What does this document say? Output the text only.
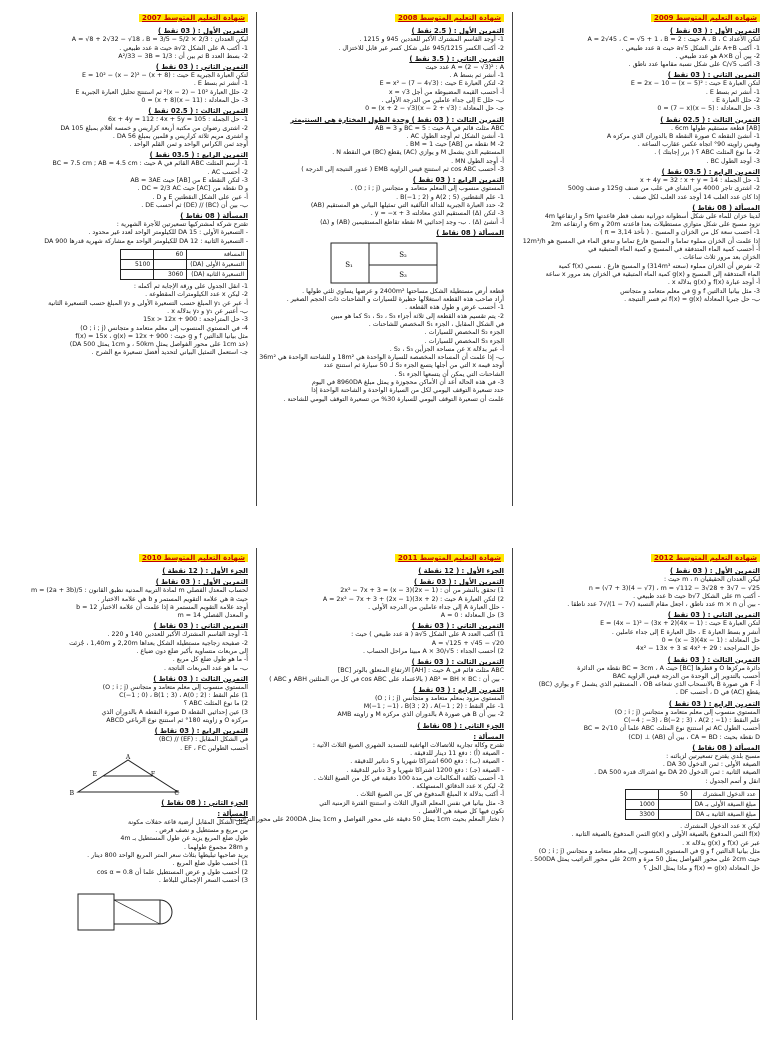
شهادة التعليم المتوسط 2009
التمرين الأول : ( 03 نقط )
لتكن الأعداد A ، B ، C حيث : A = 2√45 ، C = √5 + 1 ، B = 2
1- أكتب A+B على الشكل a√5 حيث a عدد طبيعي .
2- بين أن A×B هو عدد طبيعي .
3- أكتب C/√5 على شكل نسبة مقامها عدد ناطق .
التمرين الثاني : ( 03 نقط )
لتكن العبارة E حيث : E = 2x − 10 − (x − 5)²
1- أنشر ثم بسط E .
2- حلل العبارة E .
3- حل المعادلة : (x − 5)(7 − x) = 0
التمرين الثالث : ( 02.5 نقط )
[AB] قطعة مستقيم طولها 6cm .
1- أنشئ النقطة C صورة النقطة B بالدوران الذي مركزه A
وقيس زاويته 90° اتجاه عكس عقارب الساعة .
2- ما نوع المثلث ABC ؟ ( برر إجابتك ) .
3- أوجد الطول BC .
التمرين الرابع : ( 03.5 نقط )
1- حل الجملة : x + y = 14 ؛ x + 4y = 32
2- اشترى تاجر 4000 من الشاي في علب من صنف 125g و صنف 500g
إذا كان عدد العلب 14 أوجد عدد العلب لكل صنف .
المسألة ( 08 نقاط )
لدينا خزان للماء على شكل أسطوانة دورانية نصف قطر قاعدتها 5m و ارتفاعها 4m
نزود مسبح على شكل متوازي مستطيلات بعدا قاعدته 20m و 6m و ارتفاعه 2m
1- أحسب سعة كل من الخزان و المسبح . ( نأخذ π = 3,14 )
إذا علمت أن الخزان مملوء تماما و المسبح فارغ تماما و تدفق الماء في المسبح هو 12m³/h
أ- أحسب كمية الماء المتدفقة في المسبح و كمية الماء المتبقية في
الخزان بعد مرور ثلاث ساعات .
2- نفرض أن الخزان مملوء (سعته 314m³) و المسبح فارغ . نسمي f(x) كمية
الماء المتدفقة إلى المسبح و g(x) كمية الماء المتبقية في الخزان بعد مرور x ساعة
أ- أوجد عبارة f(x) و g(x) بدلالة x .
3- مثل بيانيا الدالتين f و g في معلم متعامد و متجانس
ب- حل جبريا المعادلة f(x) = g(x) ثم فسر النتيجة .
شهادة التعليم المتوسط 2008
التمرين الأول : ( 2.5 نقط )
1- أوجد القاسم المشترك الأكبر للعددين 945 و 1215 .
2- أكتب الكسر 945/1215 على شكل كسر غير قابل للاختزال .
التمرين الثاني : ( 3.5 نقط )
A = (2 − √3)² : A عدد حيث
1- أنشر ثم بسط A .
2- لتكن العبارة E حيث : E = x² − (7 − 4√3)
أ- أحسب القيمة المضبوطة من أجل x = √3
ب- حلل E إلى جداء عاملين من الدرجة الأولى .
جـ- حل المعادلة : (x − 2 + √3)(x + 2 − √3) = 0
التمرين الثالث : ( 03 نقط ) وحدة الطول المختارة هي السنتيمتر
ABC مثلث قائم في A حيث : BC = 5 و AB = 3
1- أنشئ الشكل ثم أوجد الطول AC .
2- M نقطة من [AB] حيث BM = 1 .
المستقيم الذي يشمل M و يوازي (AC) يقطع (BC) في النقطة N .
أ- أوجد الطول MN .
3- أحسب cos ABC ثم استنتج قيس الزاوية EMB ( عدور النتيجة إلى الدرجة )
التمرين الرابع : ( 03 نقط )
المستوي منسوب إلى المعلم متعامد و متجانس (O ; i ; j) .
1- علم النقطتين A(2 ; 5) و B(−1 ; 2) .
2- حدد العبارة الجبرية للدالة التآلفية التي تمثيلها البياني هو المستقيم (AB)
3- لتكن (Δ) المستقيم الذي معادلته y = −x + 3 .
أ- أنشئ (Δ) . ب- وجد إحداثيي M نقطة تقاطع المستقيمين (AB) و (Δ)
المسألة ( 08 نقاط )
S₁
S₂
S₃
قطعة أرض مستطيلة الشكل مساحتها 2400m² و عرضها يساوي ثلثي طولها .
أراد صاحب هذه القطعة استغلالها حظيرة للسيارات و الشاحنات ذات الحجم الصغير .
1- أحسب عرض و طول هذه القطعة .
2- يتم تقسيم هذه القطعة إلى ثلاثة أجزاء S₁ ، S₂ ، S₃ كما هو مبين
في الشكل المقابل ، الجزء S₁ المخصص للشاحنات .
الجزء S₂ المخصص للسيارات .
الجزء S₃ المخصص للسيارات .
أ- عبر بدلالة x عن مساحة الجزأين S₂ ، S₃ .
ب- إذا علمت أن المساحة المخصصة للسيارة الواحدة هي 18m² و للشاحنة الواحدة هي 36m²
أوجد قيمة x التي من أجلها يتسع الجزء S₂ لـ 50 سيارة ثم استنتج عدد
الشاحنات التي يمكن أن يتسعها الجزء S₁ .
3- في هذه الحالة أعد أن الأماكن محجوزة و يمثل مبلغ 8960DA في اليوم
حدد تسعيرة التوقف اليومي لكل من السيارة الواحدة و الشاحنة الواحدة إذا
علمت أن تسعيرة التوقف اليومي للسيارة 30% من تسعيرة التوقف اليومي للشاحنة .
شهادة التعليم المتوسط 2007
التمرين الأول : ( 03 نقط )
ليكن العددان : A = √8 + 2√32 − √18 ، B = 3/5 − 5/2 × 2/3
1- أكتب A على الشكل a√2 حيث a عدد طبيعي .
2- بسط العدد B ثم بين أن : A²/33 − 3B = 1/3
التمرين الثاني : ( 03 نقط )
لتكن العبارة الجبرية E حيث : E = 10² − (x − 2)² − (x + 8)
1- أنشر ثم بسط E .
2- حلل العبارة 10² − (x − 2)² ثم استنتج تحليل العبارة الجبرية E
3- حل المعادلة : (x − 11)(x + 8) = 0
التمرين الثالث : ( 02.5 نقط )
1- حل الجملة : 4x + 5y = 105 ؛ 6x + 4y = 112
2- اشترى رضوان من مكتبة أربعة كراريس و خمسة أقلام بمبلغ 105 DA
و اشترى مريم ثلاثة كراريس و قلمين بمبلغ 56 DA .
أوجد ثمن الكراس الواحد و ثمن القلم الواحد .
التمرين الرابع : ( 03.5 نقط )
1- أرسم المثلث ABC القائم في A حيث : BC = 7.5 cm ; AB = 4.5 cm
2- أحسب AC .
3- لتكن النقطة E من [AB] حيث AB = 3AE
و D نقطة من [AC] حيث DC = 2/3 AC .
أ- عين على الشكل النقطتين E و D .
ب- بين أن (BC) // (DE) ثم أحسب DE .
المسألة ( 08 نقاط )
تقترح شركة لمشتركيها تسعيرتين للأجرة الشهرية :
- التسعيرة الأولى : 15 DA للكيلومتر الواحد لعدد غير محدود .
- التسعيرة الثانية : 12 DA للكيلومتر الواحد مع مشاركة شهرية قدرها 900 DA
المسافة	60	
التسعيرة الأولى (DA)		5100
التسعيرة الثانية (DA)	3060	
1- انقل الجدول على ورقة الإجابة ثم أكمله :
2- ليكن x عدد الكيلومترات المقطوعة .
أ- عبر عن y₁ المبلغ حسب التسعيرة الأولى و y₂ المبلغ حسب التسعيرة الثانية
ب- أعتبر عن y₁ و y₂ بدلالة x .
3- حل المتراجحة : 15x > 12x + 900
4- في المستوي المنسوب إلى معلم متعامد و متجانس (O ; i ; j)
مثل بيانيا الدالتين f و g حيث : f(x) = 15x ، g(x) = 12x + 900
(خذ 1cm على محور الفواصل يمثل 50km ، و 1cm يمثل 500 DA)
جـ- استعمل التمثيل البياني لتحديد أفضل تسعيرة مع الشرح .
شهادة التعليم المتوسط 2012
التمرين الأول : ( 03 نقط )
ليكن العددان الحقيقيان m ، n حيث :
n = (√7 + 3)(4 − √7) ، m = √112 − 3√28 + 3√7 − √25
- أكتب m على الشكل b√7 حيث b عدد طبيعي .
- بين أن m × n عدد ناطق ، اجعل مقام النسبة (√7 − 1)/√7 عدد ناطقا .
التمرين الثاني : ( 03 نقط )
لتكن العبارة E حيث : E = (4x − 1)² − (3x + 2)(4x − 1)
أنشر و بسط العبارة E ، حلل العبارة E إلى جداء عاملين .
حل المعادلة : (4x − 1)(x − 3) = 0
حل المتراجحة : 4x² − 13x + 3 ≤ 4x² + 29
التمرين الثالث : ( 03 نقط )
دائرة مركزها O و قطرها [BC] حيث BC = 3cm ، A نقطة من الدائرة
أحسب بالتدوير إلى الوحدة من الدرجة قيس الزاوية BAC
أ- F هي صورة B بالانسحاب الذي شعاعه OB ، المستقيم الذي يشمل F و يوازي (BC)
يقطع (AC) في D ، أحسب DF .
التمرين الرابع : ( 03 نقط )
المستوي منسوب إلى معلم متعامد و متجانس (O ; i ; j)
علم النقط : C(−4 ; −3) ، B(−2 ; 3) ، A(2 ; −1)
أحسب الطول AC ثم استنتج نوع المثلث ABC علما أن BC = 2√10
D نقطة بحيث : CA = BD ، بين أن (AB) ⊥ (CD)
المسألة ( 08 نقاط )
مسبح بلدي يقترح تسعيرتين لزبائنه :
الصيغة الأولى : ثمن الدخول 30 DA .
الصيغة الثانية : ثمن الدخول 20 DA مع اشتراك قدره 500 DA .
انقل و أتمم الجدول :
عدد الدخول المشترك	50	
مبلغ الصيغة الأولى بـ DA		1000
مبلغ الصيغة الثانية بـ DA		3300
ليكن x عدد الدخول المشترك .
f(x) الثمن المدفوع بالصيغة الأولى و g(x) الثمن المدفوع بالصيغة الثانية .
عبر عن f(x) و g(x) بدلالة x .
مثل بيانيا الدالتين f و g في المستوي المنسوب إلى معلم متعامد و متجانس (O ; i ; j)
حيث 2cm على محور الفواصل يمثل 50 مرة و 2cm على محور التراتيب يمثل 500DA .
حل المعادلة f(x) = g(x) و ماذا يمثل الحل ؟
شهادة التعليم المتوسط 2011
الجزء الأول : ( 12 نقطة )
التمرين الأول : ( 03 نقط )
1) تحقق بالنشر من أن : (2x − 1)(x − 3) = 2x² − 7x + 3
2) لتكن العبارة A حيث : A = 2x² − 7x + 3 + (2x − 1)(3x + 2)
- حلل العبارة A إلى جداء عاملين من الدرجة الأولى .
3) حل المعادلة : A = 0
التمرين الثاني : ( 03 نقط )
1) أكتب العدد A على الشكل a√5 ( a عدد طبيعي ) حيث :
A = √125 + √45 − √20
2) أحسب الجداء : A × 30/√5 مبينا مراحل الحساب .
التمرين الثالث : ( 03 نقط )
ABC مثلث قائم في A حيث : [AH] الارتفاع المتعلق بالوتر [BC]
- بين أن : AB² = BH × BC ( بالاعتماد على cos ABC في كل من المثلثين ABH و ABC )
التمرين الرابع : ( 03 نقط )
المستوي مزود بمعلم متعامد و متجانس (O ; i ; j)
1- علم النقط : M(−1 ; −1) ، B(3 ; 2) ، A(−1 ; 2)
2- بين أن B هي صورة A بالدوران الذي مركزه M و زاويته AMB
الجزء الثاني : ( 08 نقاط )
المسألة :
تقترح وكالة تجارية للاتصالات الهاتفية للتسديد الشهري الصيغ الثلاث الآتية :
- الصيغة (أ) : دفع 11 دينار للدقيقة .
- الصيغة (ب) : دفع 600 اشتراكا شهريا و 5 دنانير للدقيقة .
- الصيغة (جـ) : دفع 1200 اشتراكا شهريا و 3 دنانير للدقيقة .
1- أحسب تكلفة المكالمات في مدة 100 دقيقة في كل من الصيغ الثلاث .
2- ليكن x عدد الدقائق المستهلكة .
أ- أكتب بدلالة x المبلغ المدفوع في كل من الصيغ الثلاث .
3- مثل بيانيا في نفس المعلم الدوال الثلاث و استنتج الفترة الزمنية التي
تكون فيها كل صيغة هي الأفضل .
( نختار المعلم بحيث 1cm يمثل 50 دقيقة على محور الفواصل و 1cm يمثل 200DA على محور التراتيب )
شهادة التعليم المتوسط 2010
الجزء الأول : ( 12 نقطة )
التمرين الأول : ( 03 نقاط )
لحساب المعدل الفصلي m لمادة التربية المدنية نطبق القانون : m = (2a + 3b)/5
حيث a هي علامة التقويم المستمر و b هي علامة الاختبار .
أوجد علامة التقويم المستمر a إذا علمت أن علامة الاختبار b = 12
و المعدل الفصلي m = 14
التمرين الثاني : ( 03 نقاط )
1- أوجد القاسم المشترك الأكبر للعددين 140 و 220 .
2- صفيحة زجاجية مستطيلة الشكل بعداها 2,20m و 1,40m ، جُزئت
إلى مربعات متساوية بأكبر ضلع دون ضياع .
أ- ما هو طول ضلع كل مربع .
ب- ما هو عدد المربعات الناتجة .
التمرين الثالث : ( 03 نقاط )
المستوي منسوب إلى معلم متعامد و متجانس (O ; i ; j)
1) علم النقط : C(−1 ; 0) ، B(1 ; 3) ، A(0 ; 2)
2) ما نوع المثلث ABC ؟
3) عين إحداثيي النقطة D صورة النقطة A بالدوران الذي
مركزه O و زاويته 180° ثم استنتج نوع الرباعي ABCD
التمرين الرابع : ( 03 نقاط )
في الشكل المقابل : (EF) // (BC)
أحسب الطولين EF ، FC .
A
B	C
E	F
الجزء الثاني : ( 08 نقاط )
المسألة :
يمثل الشكل المقابل أرضية قاعة حفلات مكونة
من مربع و مستطيل و نصف قرص .
طول ضلع المربع يزيد عن طول المستطيل بـ 4m
و 28m مجموع طولهما .
يريد صاحبها تبليطها بثلاث سعر المتر المربع الواحد 800 دينار .
1) أحسب طول ضلع المربع .
2) أحسب طول و عرض المستطيل علما أن cos α = 0.8
3) أحسب السعر الإجمالي للبلاط .
